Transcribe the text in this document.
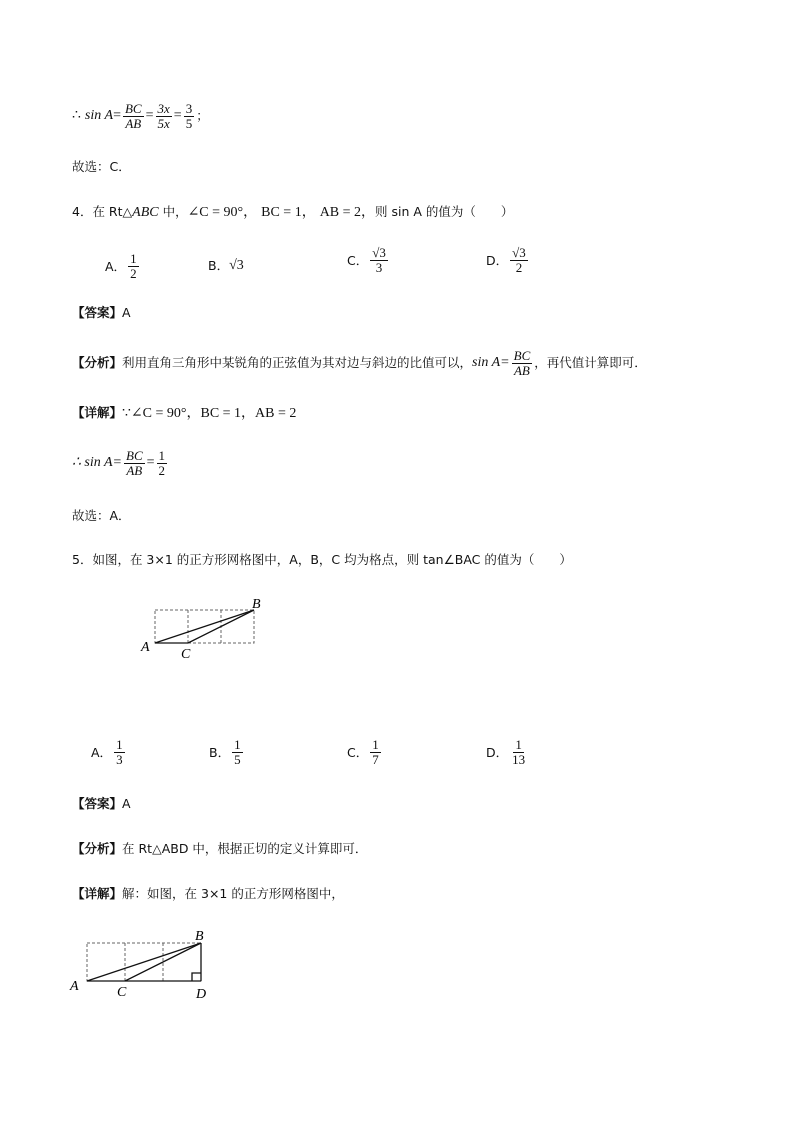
∴ $\sin A = \frac{BC}{AB} = \frac{3x}{5x} = \frac{3}{5}$ ；
故选：C．
4．在 Rt△ABC 中，∠C = 90°， BC = 1， AB = 2，则 sin A 的值为（　　）
A． $\frac{1}{2}$	B． √3	C． $\frac{√3}{3}$	D． $\frac{√3}{2}$
【答案】A
【分析】 利用直角三角形中某锐角的正弦值为其对边与斜边的比值可以， $\sin A= \frac{BC}{AB}$ ，再代值计算即可．
【详解】∵∠C = 90°，BC = 1，AB = 2
∴ $\sin A= \frac{BC}{AB} = \frac{1}{2}$
故选：A．
5．如图，在 3×1 的正方形网格图中，A，B，C 均为格点，则 tan∠BAC 的值为（　　）
A
B
C
A． $\frac{1}{3}$	B． $\frac{1}{5}$	C． $\frac{1}{7}$	D． $\frac{1}{13}$
【答案】A
【分析】在 Rt△ABD 中，根据正切的定义计算即可．
【详解】解：如图，在 3×1 的正方形网格图中，
A
B
C	D
